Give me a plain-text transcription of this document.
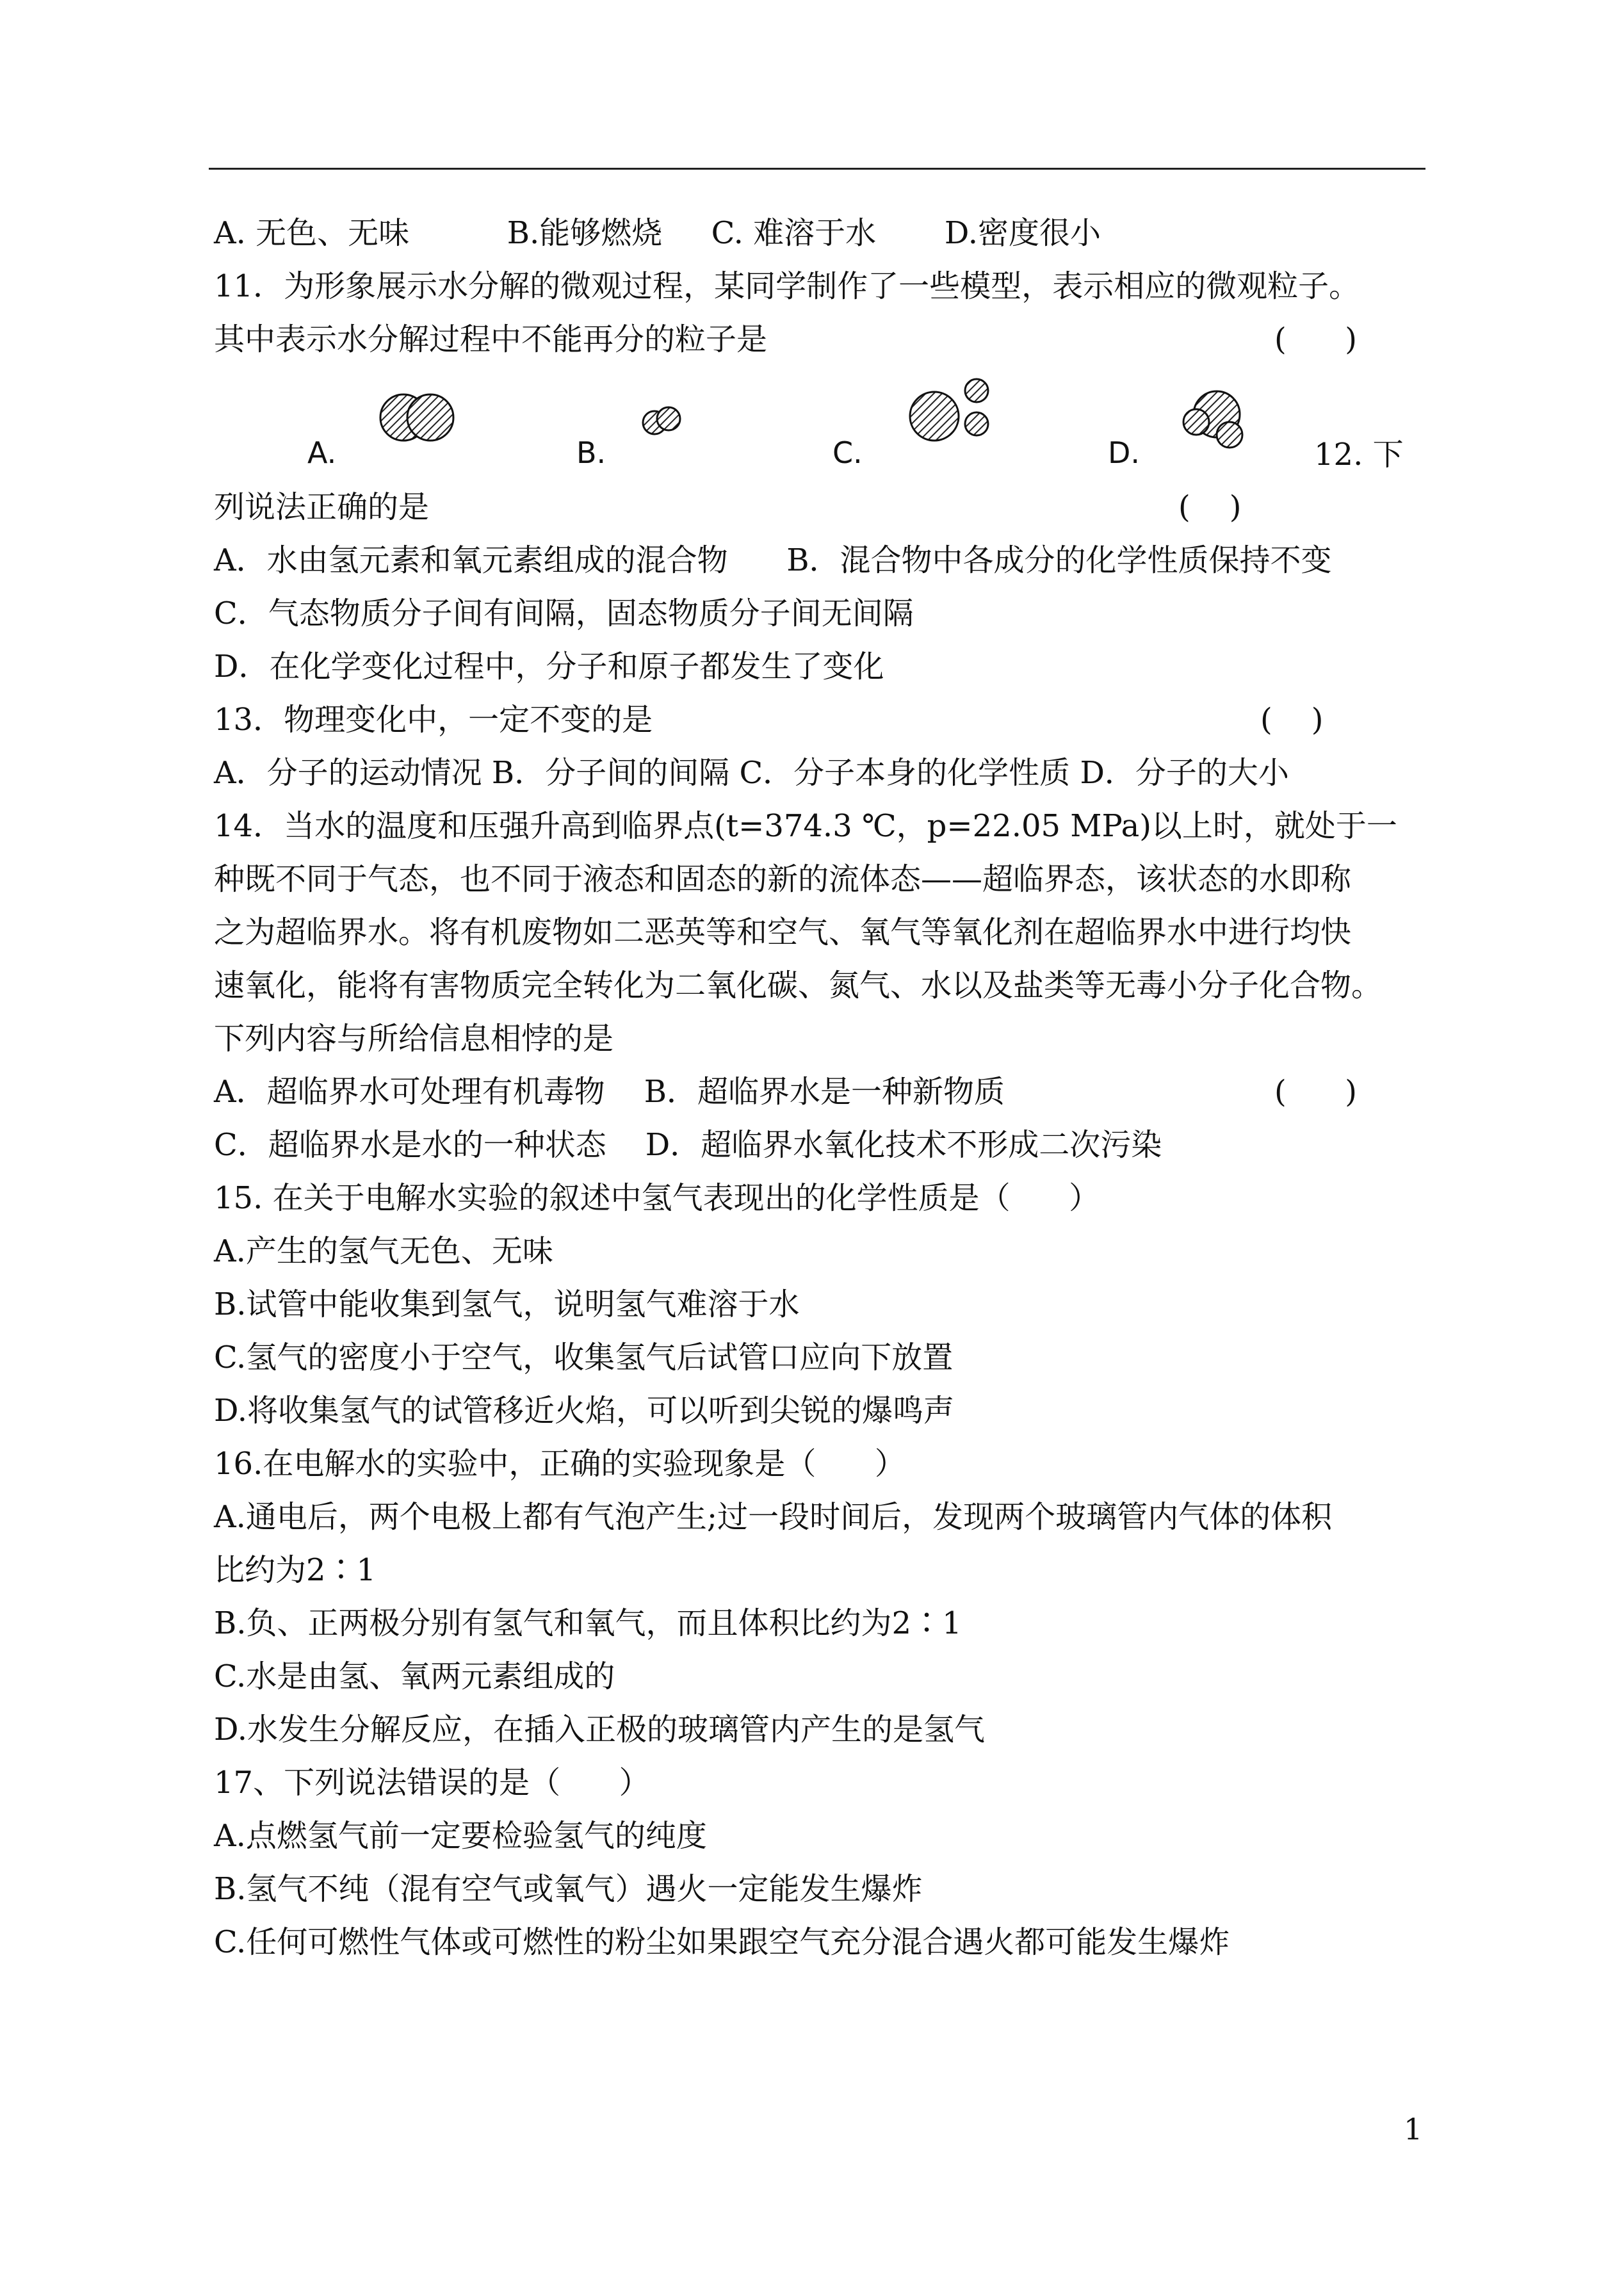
A. 无色、无味          B.能够燃烧     C. 难溶于水       D.密度很小
11．为形象展示水分解的微观过程，某同学制作了一些模型，表示相应的微观粒子。
其中表示水分解过程中不能再分的粒子是	(      )
A.	B.	C.	D.	12. 下
列说法正确的是	(    )
A．水由氢元素和氧元素组成的混合物      B．混合物中各成分的化学性质保持不变
C．气态物质分子间有间隔，固态物质分子间无间隔
D．在化学变化过程中，分子和原子都发生了变化
13．物理变化中，一定不变的是	(    )
A．分子的运动情况 B．分子间的间隔 C．分子本身的化学性质 D．分子的大小
14．当水的温度和压强升高到临界点(t=374.3 ℃，p=22.05 MPa)以上时，就处于一
种既不同于气态，也不同于液态和固态的新的流体态——超临界态，该状态的水即称
之为超临界水。将有机废物如二恶英等和空气、氧气等氧化剂在超临界水中进行均快
速氧化，能将有害物质完全转化为二氧化碳、氮气、水以及盐类等无毒小分子化合物。
下列内容与所给信息相悖的是
A．超临界水可处理有机毒物    B．超临界水是一种新物质	(      )
C．超临界水是水的一种状态    D．超临界水氧化技术不形成二次污染
15. 在关于电解水实验的叙述中氢气表现出的化学性质是（      ）
A.产生的氢气无色、无味
B.试管中能收集到氢气，说明氢气难溶于水
C.氢气的密度小于空气，收集氢气后试管口应向下放置
D.将收集氢气的试管移近火焰，可以听到尖锐的爆鸣声
16.在电解水的实验中，正确的实验现象是（      ）
A.通电后，两个电极上都有气泡产生;过一段时间后，发现两个玻璃管内气体的体积
比约为2∶1
B.负、正两极分别有氢气和氧气，而且体积比约为2∶1
C.水是由氢、氧两元素组成的
D.水发生分解反应，在插入正极的玻璃管内产生的是氢气
17、下列说法错误的是（      ）
A.点燃氢气前一定要检验氢气的纯度
B.氢气不纯（混有空气或氧气）遇火一定能发生爆炸
C.任何可燃性气体或可燃性的粉尘如果跟空气充分混合遇火都可能发生爆炸
1
